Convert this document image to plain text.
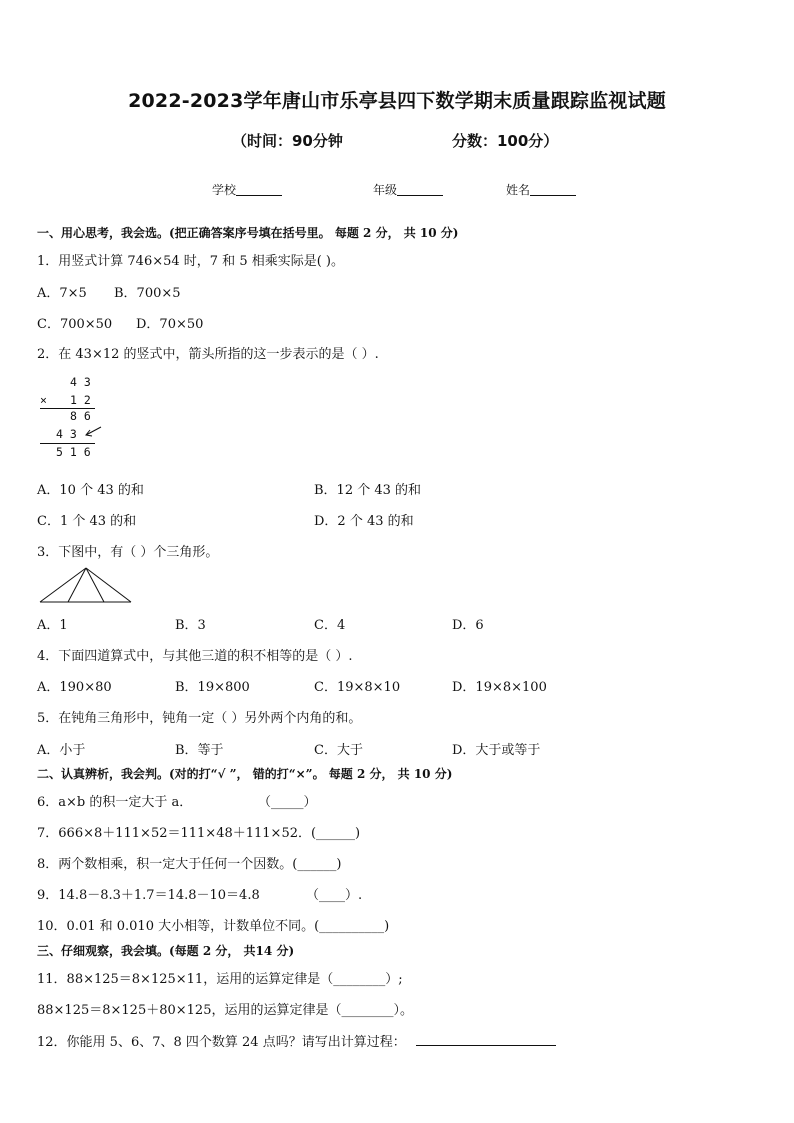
2022-2023学年唐山市乐亭县四下数学期末质量跟踪监视试题
（时间：90分钟	分数：100分）
学校	年级	姓名
一、用心思考，我会选。(把正确答案序号填在括号里。 每题 2 分， 共 10 分)
1．用竖式计算 746×54 时，7 和 5 相乘实际是( )。
A．7×5 B．700×5
C．700×50 D．70×50
2．在 43×12 的竖式中，箭头所指的这一步表示的是（ ）.
4 3
× 1 2
8 6
4 3
5 1 6
A．10 个 43 的和	B．12 个 43 的和
C．1 个 43 的和	D．2 个 43 的和
3．下图中，有（ ）个三角形。
A．1	B．3	C．4	D．6
4．下面四道算式中，与其他三道的积不相等的是（ ）.
A．190×80	B．19×800	C．19×8×10	D．19×8×100
5．在钝角三角形中，钝角一定（ ）另外两个内角的和。
A．小于	B．等于	C．大于	D．大于或等于
二、认真辨析，我会判。(对的打“√ ”， 错的打“×”。 每题 2 分， 共 10 分)
6．a×b 的积一定大于 a．	（_____）
7．666×8＋111×52＝111×48＋111×52．(______)
8．两个数相乘，积一定大于任何一个因数。(______)
9．14.8－8.3＋1.7＝14.8－10＝4.8	（____）.
10．0.01 和 0.010 大小相等，计数单位不同。(__________)
三、仔细观察，我会填。(每题 2 分， 共14 分)
11．88×125＝8×125×11，运用的运算定律是（________）;
88×125＝8×125＋80×125，运用的运算定律是（________）。
12．你能用 5、6、7、8 四个数算 24 点吗？请写出计算过程：
